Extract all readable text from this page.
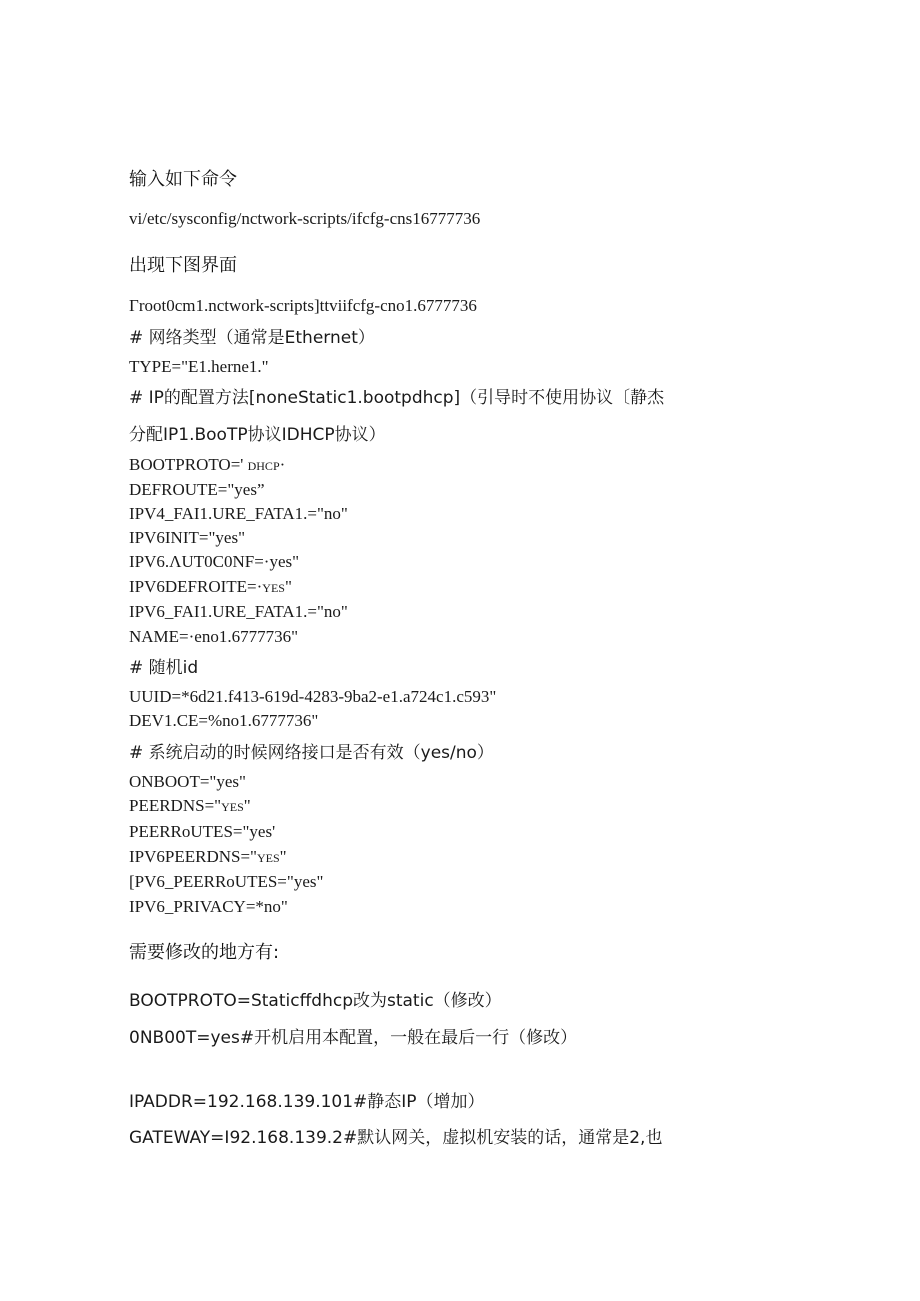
输入如下命令
vi/etc/sysconfig/nctwork-scripts/ifcfg-cns16777736
出现下图界面
Γroot0cm1.nctwork-scripts]ttviifcfg-cno1.6777736
# 网络类型（通常是Ethernet）
TYPE="E1.herne1."
# IP的配置方法[noneStatic1.bootpdhcp]（引导时不使用协议〔静杰
分配IP1.BooTP协议IDHCP协议）
BOOTPROTO=' dhcp·
DEFROUTE="yes”
IPV4_FAI1.URE_FATA1.="no"
IPV6INIT="yes"
IPV6.ΛUT0C0NF=·yes"
IPV6DEFROITE=·yes"
IPV6_FAI1.URE_FATA1.="no"
NAME=·eno1.6777736"
# 随机id
UUID=*6d21.f413-619d-4283-9ba2-e1.a724c1.c593"
DEV1.CE=%no1.6777736"
# 系统启动的时候网络接口是否有效（yes/no）
ONBOOT="yes"
PEERDNS="yes"
PEERRoUTES="yes'
IPV6PEERDNS="yes"
[PV6_PEERRoUTES="yes"
IPV6_PRIVACY=*no"
需要修改的地方有:
BOOTPROTO=Staticffdhcp改为static（修改）
0NB00T=yes#开机启用本配置，一般在最后一行（修改）
IPADDR=192.168.139.101#静态IP（增加）
GATEWAY=I92.168.139.2#默认网关，虚拟机安装的话，通常是2,也
